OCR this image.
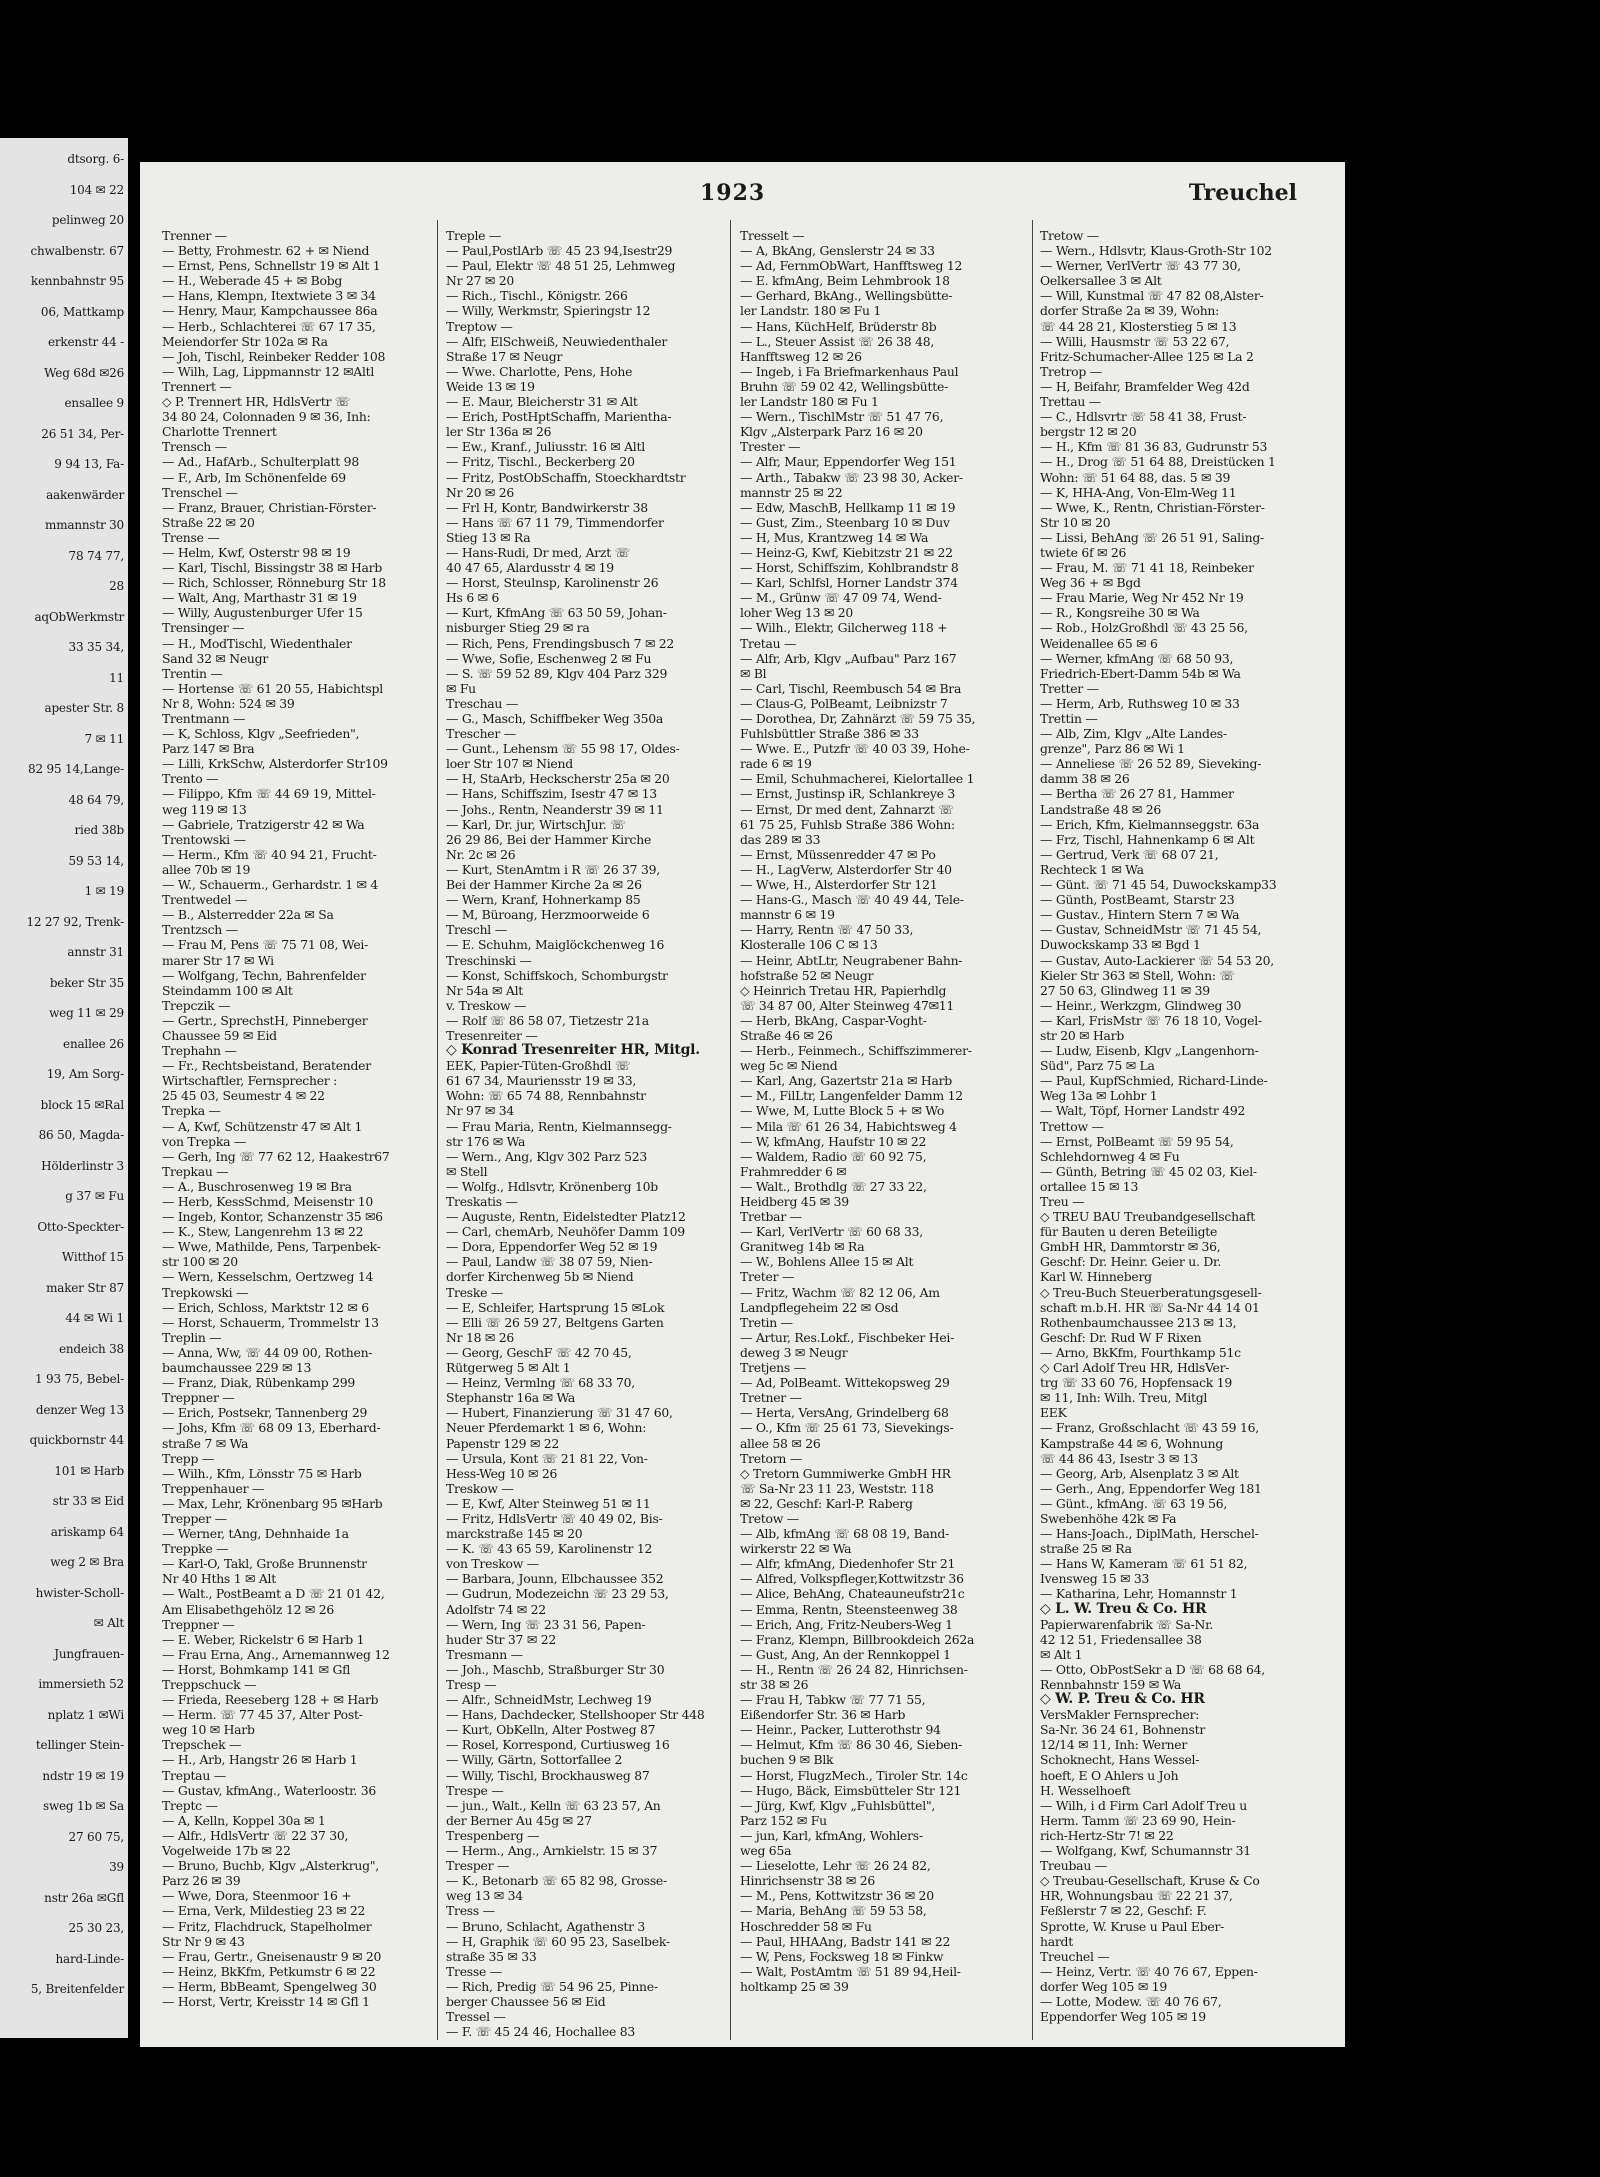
dtsorg. 6-
104 ✉ 22
pelinweg 20
chwalbenstr. 67
kennbahnstr 95
06, Mattkamp
erkenstr 44 -
Weg 68d ✉26
ensallee 9
26 51 34, Per-
9 94 13, Fa-
aakenwärder
mmannstr 30
78 74 77,
28
aqObWerkmstr
33 35 34,
11
apester Str. 8
7 ✉ 11
82 95 14,Lange-
48 64 79,
ried 38b
59 53 14,
1 ✉ 19
12 27 92, Trenk-
annstr 31
beker Str 35
weg 11 ✉ 29
enallee 26
19, Am Sorg-
block 15 ✉Ral
86 50, Magda-
Hölderlinstr 3
g 37 ✉ Fu
Otto-Speckter-
Witthof 15
maker Str 87
44 ✉ Wi 1
endeich 38
1 93 75, Bebel-
denzer Weg 13
quickbornstr 44
101 ✉ Harb
str 33 ✉ Eid
ariskamp 64
weg 2 ✉ Bra
hwister-Scholl-
✉ Alt
Jungfrauen-
immersieth 52
nplatz 1 ✉Wi
tellinger Stein-
ndstr 19 ✉ 19
sweg 1b ✉ Sa
27 60 75,
39
nstr 26a ✉Gfl
25 30 23,
hard-Linde-
5, Breitenfelder
1923	Treuchel
Trenner —
— Betty, Frohmestr. 62 + ✉ Niend
— Ernst, Pens, Schnellstr 19 ✉ Alt 1
— H., Weberade 45 + ✉ Bobg
— Hans, Klempn, Itextwiete 3 ✉ 34
— Henry, Maur, Kampchaussee 86a
— Herb., Schlachterei ☏ 67 17 35,
Meiendorfer Str 102a ✉ Ra
— Joh, Tischl, Reinbeker Redder 108
— Wilh, Lag, Lippmannstr 12 ✉Altl
Trennert —
◇ P. Trennert HR, HdlsVertr ☏
34 80 24, Colonnaden 9 ✉ 36, Inh:
Charlotte Trennert
Trensch —
— Ad., HafArb., Schulterplatt 98
— F., Arb, Im Schönenfelde 69
Trenschel —
— Franz, Brauer, Christian-Förster-
Straße 22 ✉ 20
Trense —
— Helm, Kwf, Osterstr 98 ✉ 19
— Karl, Tischl, Bissingstr 38 ✉ Harb
— Rich, Schlosser, Rönneburg Str 18
— Walt, Ang, Marthastr 31 ✉ 19
— Willy, Augustenburger Ufer 15
Trensinger —
— H., ModTischl, Wiedenthaler
Sand 32 ✉ Neugr
Trentin —
— Hortense ☏ 61 20 55, Habichtspl
Nr 8, Wohn: 524 ✉ 39
Trentmann —
— K, Schloss, Klgv „Seefrieden",
Parz 147 ✉ Bra
— Lilli, KrkSchw, Alsterdorfer Str109
Trento —
— Filippo, Kfm ☏ 44 69 19, Mittel-
weg 119 ✉ 13
— Gabriele, Tratzigerstr 42 ✉ Wa
Trentowski —
— Herm., Kfm ☏ 40 94 21, Frucht-
allee 70b ✉ 19
— W., Schauerm., Gerhardstr. 1 ✉ 4
Trentwedel —
— B., Alsterredder 22a ✉ Sa
Trentzsch —
— Frau M, Pens ☏ 75 71 08, Wei-
marer Str 17 ✉ Wi
— Wolfgang, Techn, Bahrenfelder
Steindamm 100 ✉ Alt
Trepczik —
— Gertr., SprechstH, Pinneberger
Chaussee 59 ✉ Eid
Trephahn —
— Fr., Rechtsbeistand, Beratender
Wirtschaftler, Fernsprecher :
25 45 03, Seumestr 4 ✉ 22
Trepka —
— A, Kwf, Schützenstr 47 ✉ Alt 1
von Trepka —
— Gerh, Ing ☏ 77 62 12, Haakestr67
Trepkau —
— A., Buschrosenweg 19 ✉ Bra
— Herb, KessSchmd, Meisenstr 10
— Ingeb, Kontor, Schanzenstr 35 ✉6
— K., Stew, Langenrehm 13 ✉ 22
— Wwe, Mathilde, Pens, Tarpenbek-
str 100 ✉ 20
— Wern, Kesselschm, Oertzweg 14
Trepkowski —
— Erich, Schloss, Marktstr 12 ✉ 6
— Horst, Schauerm, Trommelstr 13
Treplin —
— Anna, Ww, ☏ 44 09 00, Rothen-
baumchaussee 229 ✉ 13
— Franz, Diak, Rübenkamp 299
Treppner —
— Erich, Postsekr, Tannenberg 29
— Johs, Kfm ☏ 68 09 13, Eberhard-
straße 7 ✉ Wa
Trepp —
— Wilh., Kfm, Lönsstr 75 ✉ Harb
Treppenhauer —
— Max, Lehr, Krönenbarg 95 ✉Harb
Trepper —
— Werner, tAng, Dehnhaide 1a
Treppke —
— Karl-O, Takl, Große Brunnenstr
Nr 40 Hths 1 ✉ Alt
— Walt., PostBeamt a D ☏ 21 01 42,
Am Elisabethgehölz 12 ✉ 26
Treppner —
— E. Weber, Rickelstr 6 ✉ Harb 1
— Frau Erna, Ang., Arnemannweg 12
— Horst, Bohmkamp 141 ✉ Gfl
Treppschuck —
— Frieda, Reeseberg 128 + ✉ Harb
— Herm. ☏ 77 45 37, Alter Post-
weg 10 ✉ Harb
Trepschek —
— H., Arb, Hangstr 26 ✉ Harb 1
Treptau —
— Gustav, kfmAng., Waterloostr. 36
Treptc —
— A, Kelln, Koppel 30a ✉ 1
— Alfr., HdlsVertr ☏ 22 37 30,
Vogelweide 17b ✉ 22
— Bruno, Buchb, Klgv „Alsterkrug",
Parz 26 ✉ 39
— Wwe, Dora, Steenmoor 16 +
— Erna, Verk, Mildestieg 23 ✉ 22
— Fritz, Flachdruck, Stapelholmer
Str Nr 9 ✉ 43
— Frau, Gertr., Gneisenaustr 9 ✉ 20
— Heinz, BkKfm, Petkumstr 6 ✉ 22
— Herm, BbBeamt, Spengelweg 30
— Horst, Vertr, Kreisstr 14 ✉ Gfl 1
Treple —
— Paul,PostlArb ☏ 45 23 94,Isestr29
— Paul, Elektr ☏ 48 51 25, Lehmweg
Nr 27 ✉ 20
— Rich., Tischl., Königstr. 266
— Willy, Werkmstr, Spieringstr 12
Treptow —
— Alfr, ElSchweiß, Neuwiedenthaler
Straße 17 ✉ Neugr
— Wwe. Charlotte, Pens, Hohe
Weide 13 ✉ 19
— E. Maur, Bleicherstr 31 ✉ Alt
— Erich, PostHptSchaffn, Marienthа-
ler Str 136a ✉ 26
— Ew., Kranf., Juliusstr. 16 ✉ Altl
— Fritz, Tischl., Beckerberg 20
— Fritz, PostObSchaffn, Stoeckhardtstr
Nr 20 ✉ 26
— Frl H, Kontr, Bandwirkerstr 38
— Hans ☏ 67 11 79, Timmendorfer
Stieg 13 ✉ Ra
— Hans-Rudi, Dr med, Arzt ☏
40 47 65, Alardusstr 4 ✉ 19
— Horst, Steulnsp, Karolinenstr 26
Hs 6 ✉ 6
— Kurt, KfmAng ☏ 63 50 59, Johan-
nisburger Stieg 29 ✉ ra
— Rich, Pens, Frendingsbusch 7 ✉ 22
— Wwe, Sofie, Eschenweg 2 ✉ Fu
— S. ☏ 59 52 89, Klgv 404 Parz 329
✉ Fu
Treschau —
— G., Masch, Schiffbeker Weg 350a
Trescher —
— Gunt., Lehensm ☏ 55 98 17, Oldes-
loer Str 107 ✉ Niend
— H, StaArb, Heckscherstr 25a ✉ 20
— Hans, Schiffszim, Isestr 47 ✉ 13
— Johs., Rentn, Neanderstr 39 ✉ 11
— Karl, Dr. jur, WirtschJur. ☏
26 29 86, Bei der Hammer Kirche
Nr. 2c ✉ 26
— Kurt, StenAmtm i R ☏ 26 37 39,
Bei der Hammer Kirche 2a ✉ 26
— Wern, Kranf, Hohnerkamp 85
— M, Büroang, Herzmoorweide 6
Treschl —
— E. Schuhm, Maiglöckchenweg 16
Treschinski —
— Konst, Schiffskoch, Schomburgstr
Nr 54a ✉ Alt
v. Treskow —
— Rolf ☏ 86 58 07, Tietzestr 21a
Tresenreiter —
◇ Konrad Tresenreiter HR, Mitgl.
EEK, Papier-Tüten-Großhdl ☏
61 67 34, Mauriensstr 19 ✉ 33,
Wohn: ☏ 65 74 88, Rennbahnstr
Nr 97 ✉ 34
— Frau Maria, Rentn, Kielmannsegg-
str 176 ✉ Wa
— Wern., Ang, Klgv 302 Parz 523
✉ Stell
— Wolfg., Hdlsvtr, Krönenberg 10b
Treskatis —
— Auguste, Rentn, Eidelstedter Platz12
— Carl, chemArb, Neuhöfer Damm 109
— Dora, Eppendorfer Weg 52 ✉ 19
— Paul, Landw ☏ 38 07 59, Nien-
dorfer Kirchenweg 5b ✉ Niend
Treske —
— E, Schleifer, Hartsprung 15 ✉Lok
— Elli ☏ 26 59 27, Beltgens Garten
Nr 18 ✉ 26
— Georg, GeschF ☏ 42 70 45,
Rütgerweg 5 ✉ Alt 1
— Heinz, Vermlng ☏ 68 33 70,
Stephanstr 16a ✉ Wa
— Hubert, Finanzierung ☏ 31 47 60,
Neuer Pferdemarkt 1 ✉ 6, Wohn:
Papenstr 129 ✉ 22
— Ursula, Kont ☏ 21 81 22, Von-
Hess-Weg 10 ✉ 26
Treskow —
— E, Kwf, Alter Steinweg 51 ✉ 11
— Fritz, HdlsVertr ☏ 40 49 02, Bis-
marckstraße 145 ✉ 20
— K. ☏ 43 65 59, Karolinenstr 12
von Treskow —
— Barbara, Jounn, Elbchaussee 352
— Gudrun, Modezeichn ☏ 23 29 53,
Adolfstr 74 ✉ 22
— Wern, Ing ☏ 23 31 56, Papen-
huder Str 37 ✉ 22
Tresmann —
— Joh., Maschb, Straßburger Str 30
Tresp —
— Alfr., SchneidMstr, Lechweg 19
— Hans, Dachdecker, Stellshooper Str 448
— Kurt, ObKelln, Alter Postweg 87
— Rosel, Korrespond, Curtiusweg 16
— Willy, Gärtn, Sottorfallee 2
— Willy, Tischl, Brockhausweg 87
Trespe —
— jun., Walt., Kelln ☏ 63 23 57, An
der Berner Au 45g ✉ 27
Trespenberg —
— Herm., Ang., Arnkielstr. 15 ✉ 37
Tresper —
— K., Betonarb ☏ 65 82 98, Grosse-
weg 13 ✉ 34
Tress —
— Bruno, Schlacht, Agathenstr 3
— H, Graphik ☏ 60 95 23, Saselbek-
straße 35 ✉ 33
Tresse —
— Rich, Predig ☏ 54 96 25, Pinne-
berger Chaussee 56 ✉ Eid
Tressel —
— F. ☏ 45 24 46, Hochallee 83
Tresselt —
— A, BkAng, Genslerstr 24 ✉ 33
— Ad, FernmObWart, Hanfftsweg 12
— E. kfmAng, Beim Lehmbrook 18
— Gerhard, BkAng., Wellingsbütte-
ler Landstr. 180 ✉ Fu 1
— Hans, KüchHelf, Brüderstr 8b
— L., Steuer Assist ☏ 26 38 48,
Hanfftsweg 12 ✉ 26
— Ingeb, i Fa Briefmarkenhaus Paul
Bruhn ☏ 59 02 42, Wellingsbütte-
ler Landstr 180 ✉ Fu 1
— Wern., TischlMstr ☏ 51 47 76,
Klgv „Alsterpark Parz 16 ✉ 20
Trester —
— Alfr, Maur, Eppendorfer Weg 151
— Arth., Tabakw ☏ 23 98 30, Acker-
mannstr 25 ✉ 22
— Edw, MaschB, Hellkamp 11 ✉ 19
— Gust, Zim., Steenbarg 10 ✉ Duv
— H, Mus, Krantzweg 14 ✉ Wa
— Heinz-G, Kwf, Kiebitzstr 21 ✉ 22
— Horst, Schiffszim, Kohlbrandstr 8
— Karl, Schlfsl, Horner Landstr 374
— M., Grünw ☏ 47 09 74, Wend-
loher Weg 13 ✉ 20
— Wilh., Elektr, Gilcherweg 118 +
Tretau —
— Alfr, Arb, Klgv „Aufbau" Parz 167
✉ Bl
— Carl, Tischl, Reembusch 54 ✉ Bra
— Claus-G, PolBeamt, Leibnizstr 7
— Dorothea, Dr, Zahnärzt ☏ 59 75 35,
Fuhlsbüttler Straße 386 ✉ 33
— Wwe. E., Putzfr ☏ 40 03 39, Hohe-
rade 6 ✉ 19
— Emil, Schuhmacherei, Kielortallee 1
— Ernst, Justinsp iR, Schlankreye 3
— Ernst, Dr med dent, Zahnarzt ☏
61 75 25, Fuhlsb Straße 386 Wohn:
das 289 ✉ 33
— Ernst, Müssenredder 47 ✉ Po
— H., LagVerw, Alsterdorfer Str 40
— Wwe, H., Alsterdorfer Str 121
— Hans-G., Masch ☏ 40 49 44, Tele-
mannstr 6 ✉ 19
— Harry, Rentn ☏ 47 50 33,
Klosteralle 106 C ✉ 13
— Heinr, AbtLtr, Neugrabener Bahn-
hofstraße 52 ✉ Neugr
◇ Heinrich Tretau HR, Papierhdlg
☏ 34 87 00, Alter Steinweg 47✉11
— Herb, BkAng, Caspar-Voght-
Straße 46 ✉ 26
— Herb., Feinmech., Schiffszimmerer-
weg 5c ✉ Niend
— Karl, Ang, Gazertstr 21a ✉ Harb
— M., FilLtr, Langenfelder Damm 12
— Wwe, M, Lutte Block 5 + ✉ Wo
— Mila ☏ 61 26 34, Habichtsweg 4
— W, kfmAng, Haufstr 10 ✉ 22
— Waldem, Radio ☏ 60 92 75,
Frahmredder 6 ✉
— Walt., Brothdlg ☏ 27 33 22,
Heidberg 45 ✉ 39
Tretbar —
— Karl, VerlVertr ☏ 60 68 33,
Granitweg 14b ✉ Ra
— W., Bohlens Allee 15 ✉ Alt
Treter —
— Fritz, Wachm ☏ 82 12 06, Am
Landpflegeheim 22 ✉ Osd
Tretin —
— Artur, Res.Lokf., Fischbeker Hei-
deweg 3 ✉ Neugr
Tretjens —
— Ad, PolBeamt. Wittekopsweg 29
Tretner —
— Herta, VersAng, Grindelberg 68
— O., Kfm ☏ 25 61 73, Sievekings-
allee 58 ✉ 26
Tretorn —
◇ Tretorn Gummiwerke GmbH HR
☏ Sa-Nr 23 11 23, Weststr. 118
✉ 22, Geschf: Karl-P. Raberg
Tretow —
— Alb, kfmAng ☏ 68 08 19, Band-
wirkerstr 22 ✉ Wa
— Alfr, kfmAng, Diedenhofer Str 21
— Alfred, Volkspfleger,Kottwitzstr 36
— Alice, BehAng, Chateauneufstr21c
— Emma, Rentn, Steensteenweg 38
— Erich, Ang, Fritz-Neubers-Weg 1
— Franz, Klempn, Billbrookdeich 262a
— Gust, Ang, An der Rennkoppel 1
— H., Rentn ☏ 26 24 82, Hinrichsen-
str 38 ✉ 26
— Frau H, Tabkw ☏ 77 71 55,
Eißendorfer Str. 36 ✉ Harb
— Heinr., Packer, Lutterothstr 94
— Helmut, Kfm ☏ 86 30 46, Sieben-
buchen 9 ✉ Blk
— Horst, FlugzMech., Tiroler Str. 14c
— Hugo, Bäck, Eimsbütteler Str 121
— Jürg, Kwf, Klgv „Fuhlsbüttel",
Parz 152 ✉ Fu
— jun, Karl, kfmAng, Wohlers-
weg 65a
— Lieselotte, Lehr ☏ 26 24 82,
Hinrichsenstr 38 ✉ 26
— M., Pens, Kottwitzstr 36 ✉ 20
— Maria, BehAng ☏ 59 53 58,
Hoschredder 58 ✉ Fu
— Paul, HHAAng, Badstr 141 ✉ 22
— W, Pens, Focksweg 18 ✉ Finkw
— Walt, PostAmtm ☏ 51 89 94,Heil-
holtkamp 25 ✉ 39
Tretow —
— Wern., Hdlsvtr, Klaus-Groth-Str 102
— Werner, VerlVertr ☏ 43 77 30,
Oelkersallee 3 ✉ Alt
— Will, Kunstmal ☏ 47 82 08,Alster-
dorfer Straße 2a ✉ 39, Wohn:
☏ 44 28 21, Klosterstieg 5 ✉ 13
— Willi, Hausmstr ☏ 53 22 67,
Fritz-Schumacher-Allee 125 ✉ La 2
Tretrop —
— H, Beifahr, Bramfelder Weg 42d
Trettau —
— C., Hdlsvrtr ☏ 58 41 38, Frust-
bergstr 12 ✉ 20
— H., Kfm ☏ 81 36 83, Gudrunstr 53
— H., Drog ☏ 51 64 88, Dreistücken 1
Wohn: ☏ 51 64 88, das. 5 ✉ 39
— K, HHA-Ang, Von-Elm-Weg 11
— Wwe, K., Rentn, Christian-Förster-
Str 10 ✉ 20
— Lissi, BehAng ☏ 26 51 91, Saling-
twiete 6f ✉ 26
— Frau, M. ☏ 71 41 18, Reinbeker
Weg 36 + ✉ Bgd
— Frau Marie, Weg Nr 452 Nr 19
— R., Kongsreihe 30 ✉ Wa
— Rob., HolzGroßhdl ☏ 43 25 56,
Weidenallee 65 ✉ 6
— Werner, kfmAng ☏ 68 50 93,
Friedrich-Ebert-Damm 54b ✉ Wa
Tretter —
— Herm, Arb, Ruthsweg 10 ✉ 33
Trettin —
— Alb, Zim, Klgv „Alte Landes-
grenze", Parz 86 ✉ Wi 1
— Anneliese ☏ 26 52 89, Sieveking-
damm 38 ✉ 26
— Bertha ☏ 26 27 81, Hammer
Landstraße 48 ✉ 26
— Erich, Kfm, Kielmannseggstr. 63a
— Frz, Tischl, Hahnenkamp 6 ✉ Alt
— Gertrud, Verk ☏ 68 07 21,
Rechteck 1 ✉ Wa
— Günt. ☏ 71 45 54, Duwockskamp33
— Günth, PostBeamt, Starstr 23
— Gustav., Hintern Stern 7 ✉ Wa
— Gustav, SchneidMstr ☏ 71 45 54,
Duwockskamp 33 ✉ Bgd 1
— Gustav, Auto-Lackierer ☏ 54 53 20,
Kieler Str 363 ✉ Stell, Wohn: ☏
27 50 63, Glindweg 11 ✉ 39
— Heinr., Werkzgm, Glindweg 30
— Karl, FrisMstr ☏ 76 18 10, Vogel-
str 20 ✉ Harb
— Ludw, Eisenb, Klgv „Langenhorn-
Süd", Parz 75 ✉ La
— Paul, KupfSchmied, Richard-Linde-
Weg 13a ✉ Lohbr 1
— Walt, Töpf, Horner Landstr 492
Trettow —
— Ernst, PolBeamt ☏ 59 95 54,
Schlehdornweg 4 ✉ Fu
— Günth, Betring ☏ 45 02 03, Kiel-
ortallee 15 ✉ 13
Treu —
◇ TREU BAU Treubandgesellschaft
für Bauten u deren Beteiligte
GmbH HR, Dammtorstr ✉ 36,
Geschf: Dr. Heinr. Geier u. Dr.
Karl W. Hinneberg
◇ Treu-Buch Steuerberatungsgesell-
schaft m.b.H. HR ☏ Sa-Nr 44 14 01
Rothenbaumchaussee 213 ✉ 13,
Geschf: Dr. Rud W F Rixen
— Arno, BkKfm, Fourthkamp 51c
◇ Carl Adolf Treu HR, HdlsVer-
trg ☏ 33 60 76, Hopfensack 19
✉ 11, Inh: Wilh. Treu, Mitgl
EEK
— Franz, Großschlacht ☏ 43 59 16,
Kampstraße 44 ✉ 6, Wohnung
☏ 44 86 43, Isestr 3 ✉ 13
— Georg, Arb, Alsenplatz 3 ✉ Alt
— Gerh., Ang, Eppendorfer Weg 181
— Günt., kfmAng. ☏ 63 19 56,
Swebenhöhe 42k ✉ Fa
— Hans-Joach., DiplMath, Herschel-
straße 25 ✉ Ra
— Hans W, Kameram ☏ 61 51 82,
Ivensweg 15 ✉ 33
— Katharina, Lehr, Homannstr 1
◇ L. W. Treu & Co. HR
Papierwarenfabrik ☏ Sa-Nr.
42 12 51, Friedensallee 38
✉ Alt 1
— Otto, ObPostSekr a D ☏ 68 68 64,
Rennbahnstr 159 ✉ Wa
◇ W. P. Treu & Co. HR
VersMakler Fernsprecher:
Sa-Nr. 36 24 61, Bohnenstr
12/14 ✉ 11, Inh: Werner
Schoknecht, Hans Wessel-
hoeft, E O Ahlers u Joh
H. Wesselhoeft
— Wilh, i d Firm Carl Adolf Treu u
Herm. Tamm ☏ 23 69 90, Hein-
rich-Hertz-Str 7! ✉ 22
— Wolfgang, Kwf, Schumannstr 31
Treubau —
◇ Treubau-Gesellschaft, Kruse & Co
HR, Wohnungsbau ☏ 22 21 37,
Feßlerstr 7 ✉ 22, Geschf: F.
Sprotte, W. Kruse u Paul Eber-
hardt
Treuchel —
— Heinz, Vertr. ☏ 40 76 67, Eppen-
dorfer Weg 105 ✉ 19
— Lotte, Modew. ☏ 40 76 67,
Eppendorfer Weg 105 ✉ 19
